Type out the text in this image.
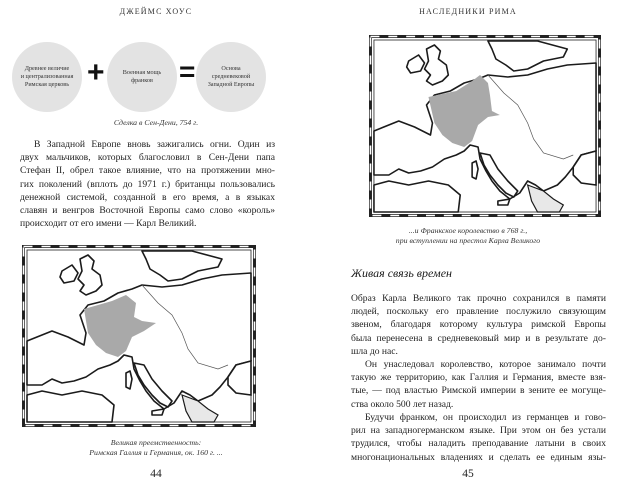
ДЖЕЙМС ХОУС
Древнее величие
и централизованная
Римская церковь +	Военная мощь
франков =	Основа
средневековой
Западной Европы
Сделка в Сен-Дени, 754 г.
В Западной Европе вновь зажигались огни. Один из
двух мальчиков, которых благословил в Сен-Дени папа
Стефан II, обрел такое влияние, что на протяжении мно-
гих поколений (вплоть до 1971 г.) британцы пользовались
денежной системой, созданной в его время, а в языках
славян и венгров Восточной Европы само слово «король»
происходит от его имени — Карл Великий.
Великая преемственность:
Римская Галлия и Германия, ок. 160 г. ...
44
НАСЛЕДНИКИ РИМА
...и Франкское королевство в 768 г.,
при вступлении на престол Карла Великого
Живая связь времен
Образ Карла Великого так прочно сохранился в памяти
людей, поскольку его правление послужило связующим
звеном, благодаря которому культура римской Европы
была перенесена в средневековый мир и в результате до-
шла до нас.
Он унаследовал королевство, которое занимало почти
такую же территорию, как Галлия и Германия, вместе взя-
тые, — под властью Римской империи в зените ее могуще-
ства около 500 лет назад.
Будучи франком, он происходил из германцев и гово-
рил на западногерманском языке. При этом он без устали
трудился, чтобы наладить преподавание латыни в своих
многонациональных владениях и сделать ее единым язы-
45
